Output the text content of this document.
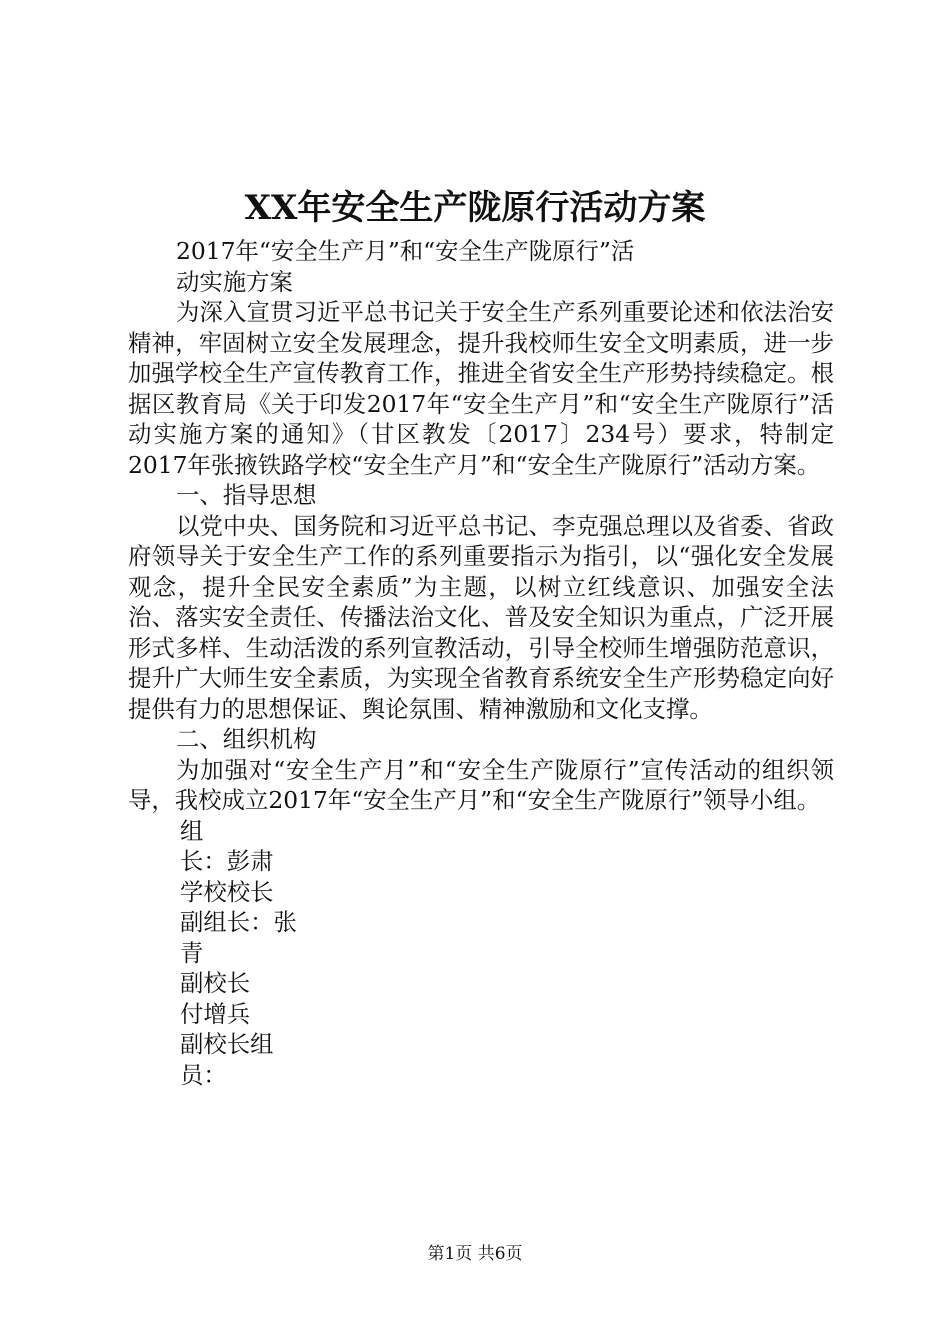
XX年安全生产陇原行活动方案

2017年“安全生产月”和“安全生产陇原行”活动实施方案

为深入宣贯习近平总书记关于安全生产系列重要论述和依法治安精神，牢固树立安全发展理念，提升我校师生安全文明素质，进一步加强学校全生产宣传教育工作，推进全省安全生产形势持续稳定。根据区教育局《关于印发2017年“安全生产月”和“安全生产陇原行”活动实施方案的通知》（甘区教发〔2017〕234号）要求，特制定2017年张掖铁路学校“安全生产月”和“安全生产陇原行”活动方案。

一、指导思想

以党中央、国务院和习近平总书记、李克强总理以及省委、省政府领导关于安全生产工作的系列重要指示为指引，以“强化安全发展观念，提升全民安全素质”为主题，以树立红线意识、加强安全法治、落实安全责任、传播法治文化、普及安全知识为重点，广泛开展形式多样、生动活泼的系列宣教活动，引导全校师生增强防范意识，提升广大师生安全素质，为实现全省教育系统安全生产形势稳定向好提供有力的思想保证、舆论氛围、精神激励和文化支撑。

二、组织机构

为加强对“安全生产月”和“安全生产陇原行”宣传活动的组织领导，我校成立2017年“安全生产月”和“安全生产陇原行”领导小组。

组

长：彭肃

学校校长

副组长：张

青

副校长

付增兵

副校长组

员：

第1页 共6页
